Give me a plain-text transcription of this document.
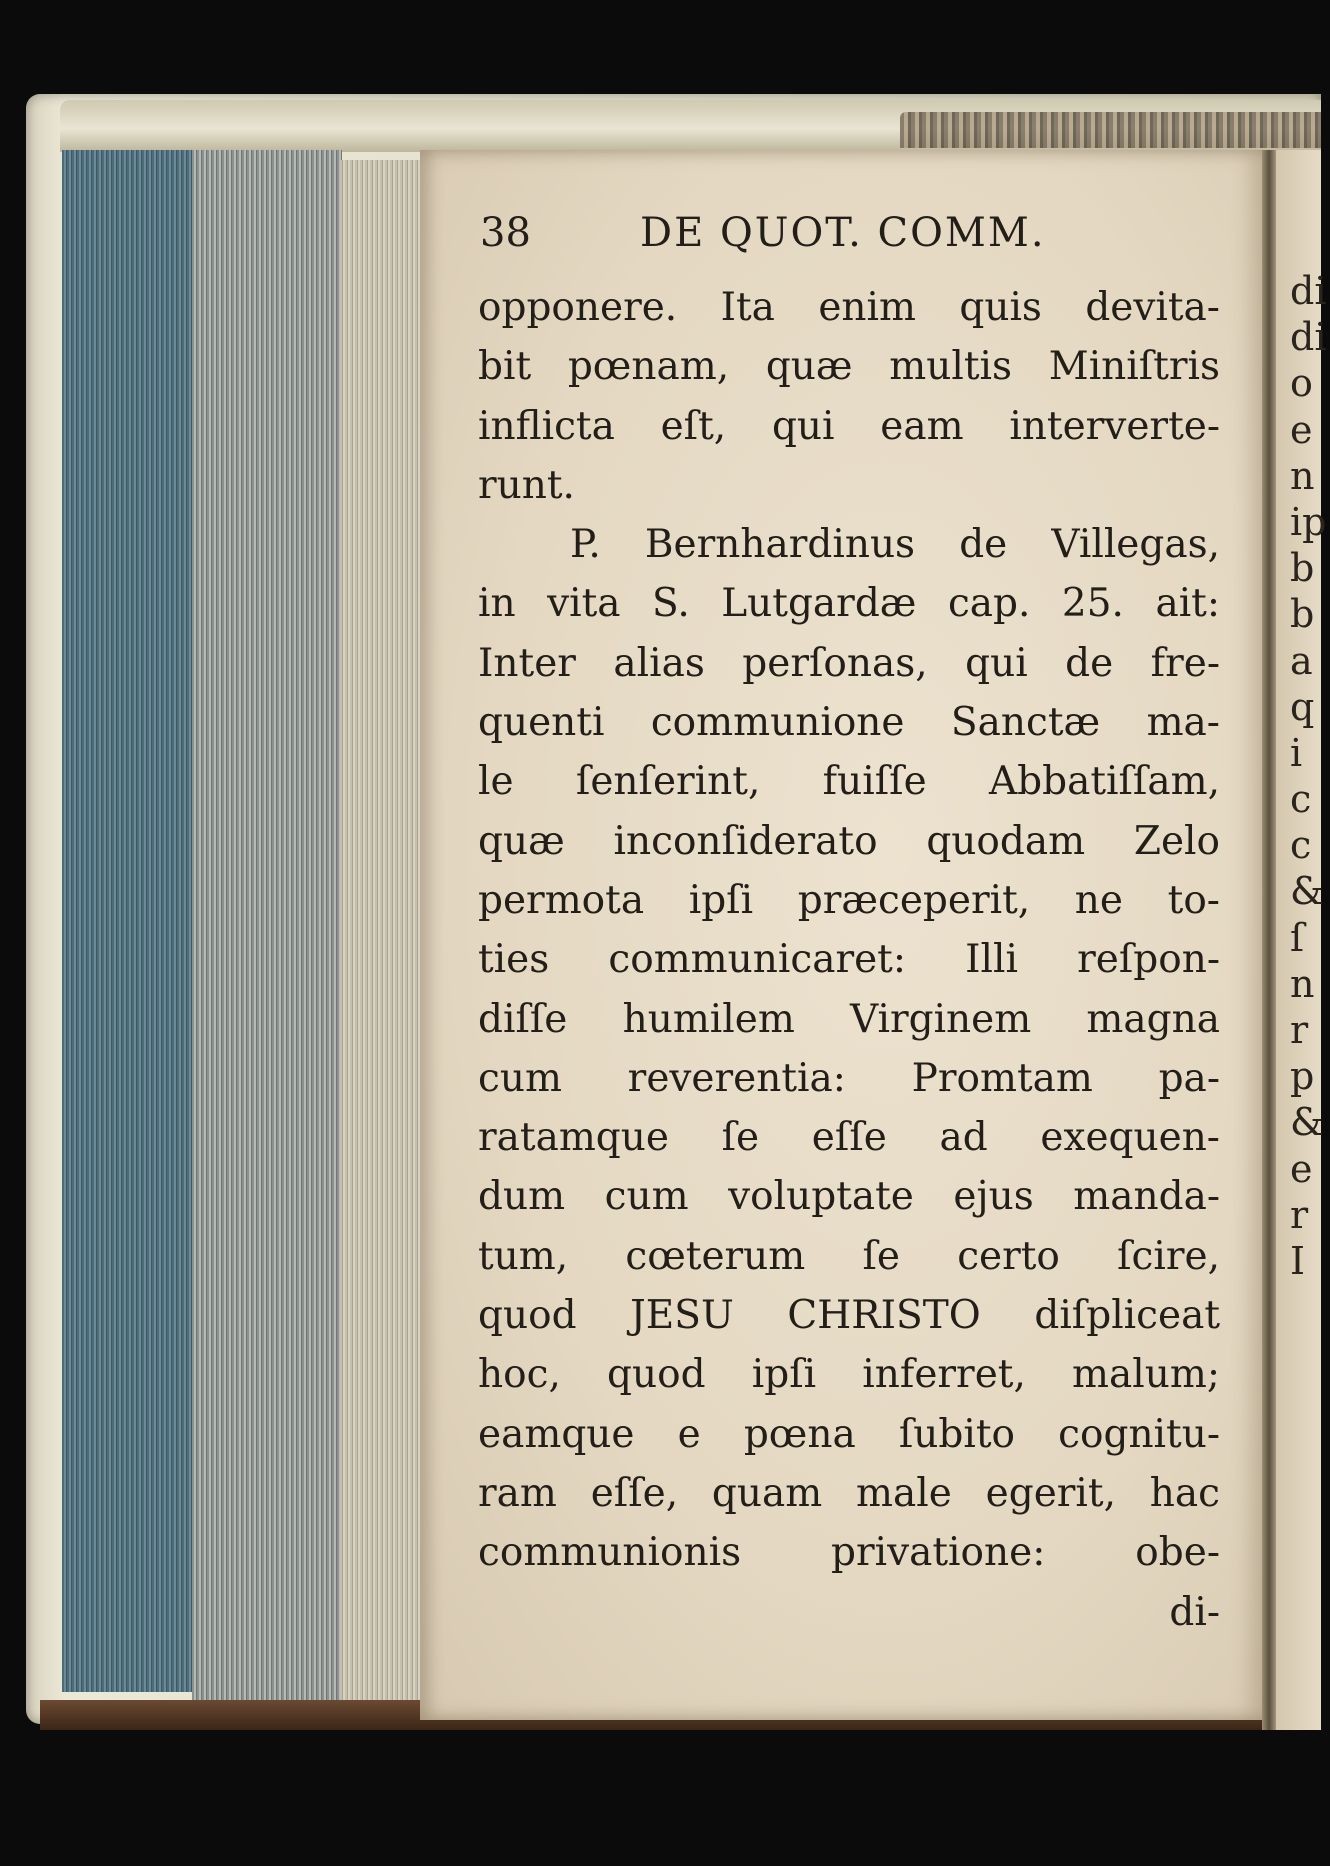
38	DE QUOT. COMM.
opponere. Ita enim quis devita-
bit pœnam, quæ multis Miniſtris
inflicta eſt, qui eam interverte-
runt.
P. Bernhardinus de Villegas,
in vita S. Lutgardæ cap. 25. ait:
Inter alias perſonas, qui de fre-
quenti communione Sanctæ ma-
le ſenſerint, fuiſſe Abbatiſſam,
quæ inconſiderato quodam Zelo
permota ipſi præceperit, ne to-
ties communicaret: Illi reſpon-
diſſe humilem Virginem magna
cum reverentia: Promtam pa-
ratamque ſe eſſe ad exequen-
dum cum voluptate ejus manda-
tum, cœterum ſe certo ſcire,
quod JESU CHRISTO diſpliceat
hoc, quod ipſi inferret, malum;
eamque e pœna ſubito cognitu-
ram eſſe, quam male egerit, hac
communionis privatione: obe-
di-
di
di
o
e
n
ip
b
b
a
q
i
c
c
&
ſ
n
r
p
&
e
r
I
